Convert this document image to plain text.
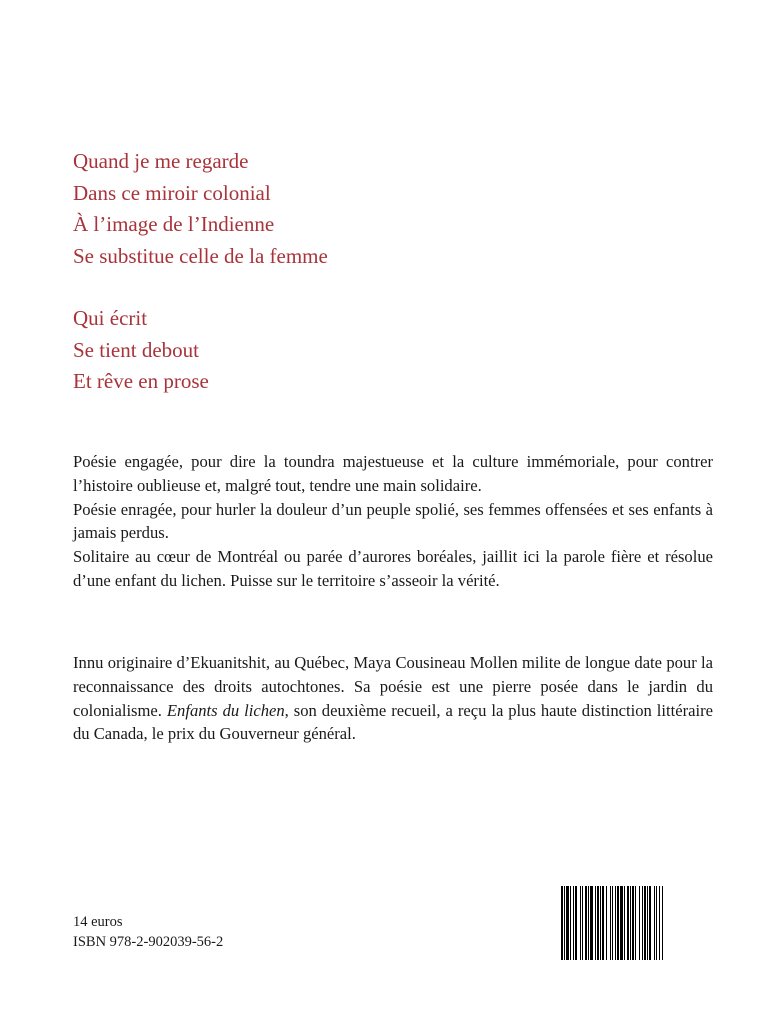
Quand je me regarde
Dans ce miroir colonial
À l’image de l’Indienne
Se substitue celle de la femme
Qui écrit
Se tient debout
Et rêve en prose

Poésie engagée, pour dire la toundra majestueuse et la culture immémoriale, pour contrer l’histoire oublieuse et, malgré tout, tendre une main solidaire.

Poésie enragée, pour hurler la douleur d’un peuple spolié, ses femmes offensées et ses enfants à jamais perdus.

Solitaire au cœur de Montréal ou parée d’aurores boréales, jaillit ici la parole fière et résolue d’une enfant du lichen. Puisse sur le territoire s’asseoir la vérité.

Innu originaire d’Ekuanitshit, au Québec, Maya Cousineau Mollen milite de longue date pour la reconnaissance des droits autochtones. Sa poésie est une pierre posée dans le jardin du colonialisme. Enfants du lichen, son deuxième recueil, a reçu la plus haute distinction littéraire du Canada, le prix du Gouverneur général.

14 euros
ISBN 978-2-902039-56-2
